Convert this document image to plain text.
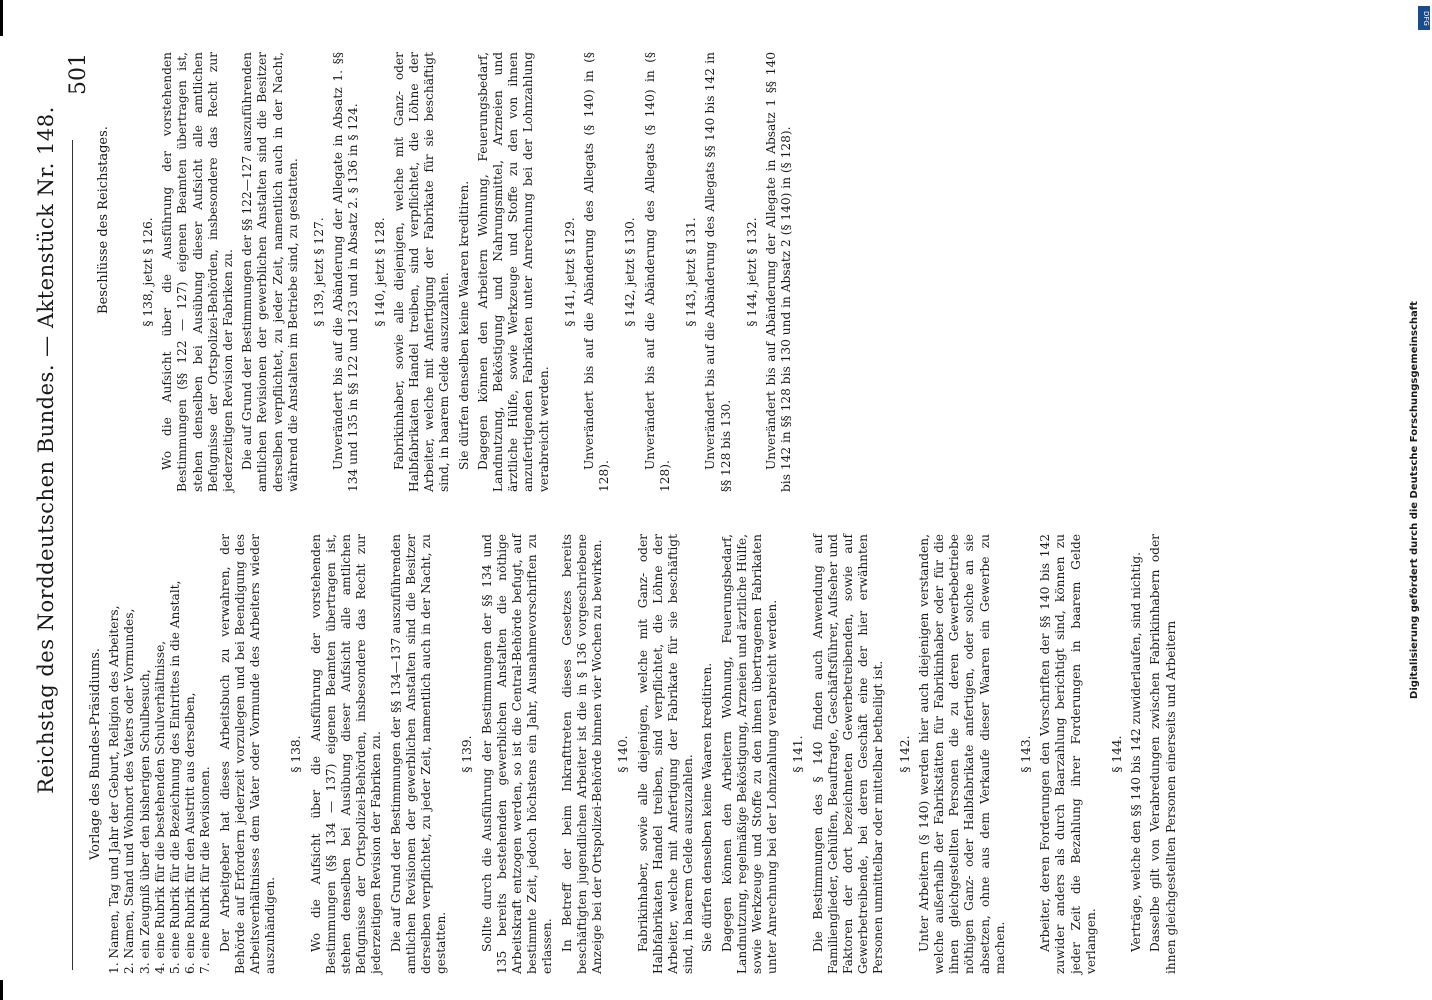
Reichstag des Norddeutschen Bundes. — Aktenstück Nr. 148.
501
Beschlüsse des Reichstages.
Vorlage des Bundes-Präsidiums. 1. Namen, Tag und Jahr der Geburt, Religion des Arbeiters, 2. Namen, Stand und Wohnort des Vaters oder Vormundes, 3. ein Zeugniß über den bisherigen Schulbesuch, 4. eine Rubrik für die bestehenden Schulverhältnisse, 5. eine Rubrik für die Bezeichnung des Eintrittes in die Anstalt, 6. eine Rubrik für den Austritt aus derselben, 7. eine Rubrik für die Revisionen. Der Arbeitgeber hat dieses Arbeitsbuch zu verwahren, der Behörde auf Erfordern jederzeit vorzulegen und bei Beendigung des Arbeitsverhältnisses dem Vater oder Vormunde des Arbeiters wieder auszuhändigen.

§ 138. Wo die Aufsicht über die Ausführung der vorstehenden Bestimmungen (§§ 134 — 137) eigenen Beamten übertragen ist, stehen denselben bei Ausübung dieser Aufsicht alle amtlichen Befugnisse der Ortspolizei-Behörden, insbesondere das Recht zur jederzeitigen Revision der Fabriken zu. Die auf Grund der Bestimmungen der §§ 134—137 auszuführenden amtlichen Revisionen der gewerblichen Anstalten sind die Besitzer derselben verpflichtet, zu jeder Zeit, namentlich auch in der Nacht, zu gestatten.

§ 139. Sollte durch die Ausführung der Bestimmungen der §§ 134 und 135 bereits bestehenden gewerblichen Anstalten die nöthige Arbeitskraft entzogen werden, so ist die Central-Behörde befugt, auf bestimmte Zeit, jedoch höchstens ein Jahr, Ausnahmevorschriften zu erlassen. In Betreff der beim Inkrafttreten dieses Gesetzes bereits beschäftigten jugendlichen Arbeiter ist die in § 136 vorgeschriebene Anzeige bei der Ortspolizei-Behörde binnen vier Wochen zu bewirken. § 140. Fabrikinhaber, sowie alle diejenigen, welche mit Ganz- oder Halbfabrikaten Handel treiben, sind verpflichtet, die Löhne der Arbeiter, welche mit Anfertigung der Fabrikate für sie beschäftigt sind, in baarem Gelde auszuzahlen. Sie dürfen denselben keine Waaren kreditiren. Dagegen können den Arbeitern Wohnung, Feuerungsbedarf, Landnutzung, regelmäßige Beköstigung, Arzneien und ärztliche Hülfe, sowie Werkzeuge und Stoffe zu den ihnen übertragenen Fabrikaten unter Anrechnung bei der Lohnzahlung verabreicht werden. § 141. Die Bestimmungen des § 140 finden auch Anwendung auf Familienglieder, Gehülfen, Beauftragte, Geschäftsführer, Aufseher und Faktoren der dort bezeichneten Gewerbetreibenden, sowie auf Gewerbetreibende, bei deren Geschäft eine der hier erwähnten Personen unmittelbar oder mittelbar betheiligt ist. § 142. Unter Arbeitern (§ 140) werden hier auch diejenigen verstanden, welche außerhalb der Fabrikstätten für Fabrikinhaber oder für die ihnen gleichgestellten Personen die zu deren Gewerbebetriebe nöthigen Ganz- oder Halbfabrikate anfertigen, oder solche an sie absetzen, ohne aus dem Verkaufe dieser Waaren ein Gewerbe zu machen.

§ 143. Arbeiter, deren Forderungen den Vorschriften der §§ 140 bis 142 zuwider anders als durch Baarzahlung berichtigt sind, können zu jeder Zeit die Bezahlung ihrer Forderungen in baarem Gelde verlangen.

§ 144. Verträge, welche den §§ 140 bis 142 zuwiderlaufen, sind nichtig. Dasselbe gilt von Verabredungen zwischen Fabrikinhabern oder ihnen gleichgestellten Personen einerseits und Arbeitern

§ 138, jetzt § 126. Wo die Aufsicht über die Ausführung der vorstehenden Bestimmungen (§§ 122 — 127) eigenen Beamten übertragen ist, stehen denselben bei Ausübung dieser Aufsicht alle amtlichen Befugnisse der Ortspolizei-Behörden, insbesondere das Recht zur jederzeitigen Revision der Fabriken zu. Die auf Grund der Bestimmungen der §§ 122—127 auszuführenden amtlichen Revisionen der gewerblichen Anstalten sind die Besitzer derselben verpflichtet, zu jeder Zeit, namentlich auch in der Nacht, während die Anstalten im Betriebe sind, zu gestatten. § 139, jetzt § 127. Unverändert bis auf die Abänderung der Allegate in Absatz 1. §§ 134 und 135 in §§ 122 und 123 und in Absatz 2. § 136 in § 124. § 140, jetzt § 128. Fabrikinhaber, sowie alle diejenigen, welche mit Ganz- oder Halbfabrikaten Handel treiben, sind verpflichtet, die Löhne der Arbeiter, welche mit Anfertigung der Fabrikate für sie beschäftigt sind, in baarem Gelde auszuzahlen. Sie dürfen denselben keine Waaren kreditiren. Dagegen können den Arbeitern Wohnung, Feuerungsbedarf, Landnutzung, Beköstigung und Nahrungsmittel, Arzneien und ärztliche Hülfe, sowie Werkzeuge und Stoffe zu den von ihnen anzufertigenden Fabrikaten unter Anrechnung bei der Lohnzahlung verabreicht werden.

§ 141, jetzt § 129. Unverändert bis auf die Abänderung des Allegats (§ 140) in (§ 128).

§ 142, jetzt § 130. Unverändert bis auf die Abänderung des Allegats (§ 140) in (§ 128).

§ 143, jetzt § 131. Unverändert bis auf die Abänderung des Allegats §§ 140 bis 142 in §§ 128 bis 130.

§ 144, jetzt § 132. Unverändert bis auf Abänderung der Allegate in Absatz 1 §§ 140 bis 142 in §§ 128 bis 130 und in Absatz 2 (§ 140) in (§ 128).	Digitalisierung gefördert durch die Deutsche Forschungsgemeinschaft
DFG
